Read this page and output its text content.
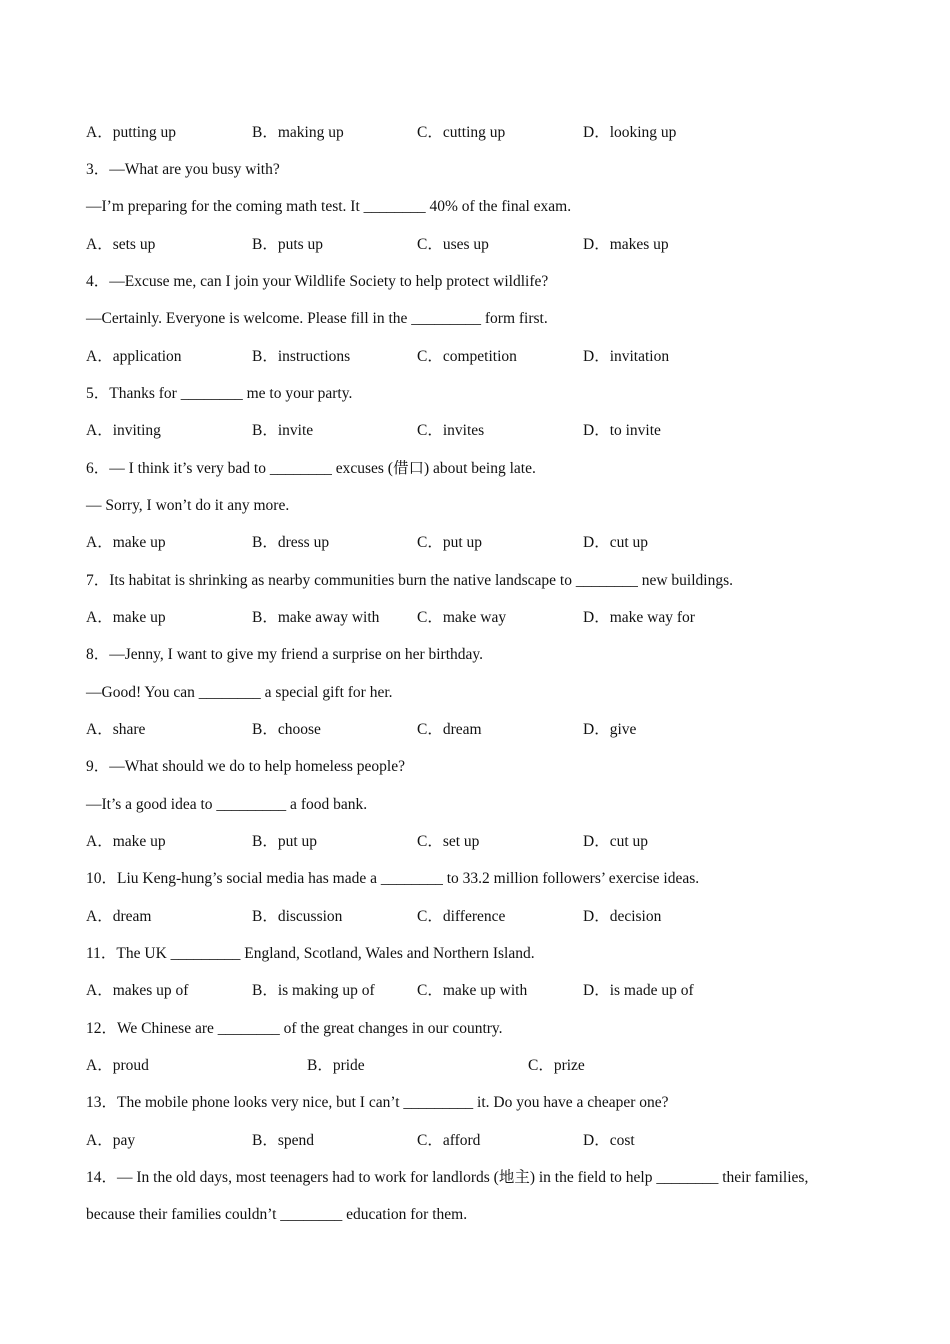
A．putting up	B．making up	C．cutting up	D．looking up
3．—What are you busy with?
—I’m preparing for the coming math test. It ________ 40% of the final exam.
A．sets up	B．puts up	C．uses up	D．makes up
4．—Excuse me, can I join your Wildlife Society to help protect wildlife?
—Certainly. Everyone is welcome. Please fill in the _________ form first.
A．application	B．instructions	C．competition	D．invitation
5．Thanks for ________ me to your party.
A．inviting	B．invite	C．invites	D．to invite
6．— I think it’s very bad to ________ excuses (借口) about being late.
— Sorry, I won’t do it any more.
A．make up	B．dress up	C．put up	D．cut up
7．Its habitat is shrinking as nearby communities burn the native landscape to ________ new buildings.
A．make up	B．make away with C．make way	D．make way for
8．—Jenny, I want to give my friend a surprise on her birthday.
—Good! You can ________ a special gift for her.
A．share	B．choose	C．dream	D．give
9．—What should we do to help homeless people?
—It’s a good idea to _________ a food bank.
A．make up	B．put up	C．set up	D．cut up
10．Liu Keng-hung’s social media has made a ________ to 33.2 million followers’ exercise ideas.
A．dream	B．discussion	C．difference	D．decision
11．The UK _________ England, Scotland, Wales and Northern Island.
A．makes up of	B．is making up of	C．make up with	D．is made up of
12．We Chinese are ________ of the great changes in our country.
A．proud	B．pride	C．prize
13．The mobile phone looks very nice, but I can’t _________ it. Do you have a cheaper one?
A．pay	B．spend	C．afford	D．cost
14．— In the old days, most teenagers had to work for landlords (地主) in the field to help ________ their families,
because their families couldn’t ________ education for them.
